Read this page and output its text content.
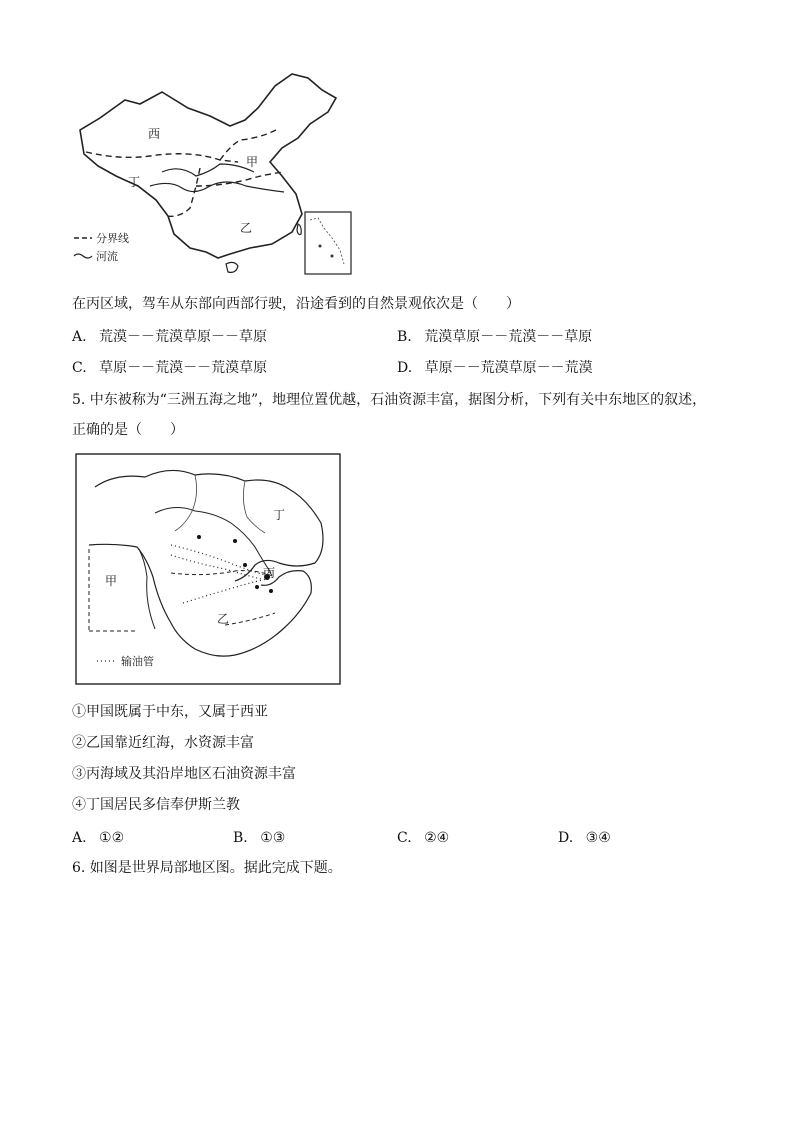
西
甲
丁
乙
分界线
河流
在丙区域，驾车从东部向西部行驶，沿途看到的自然景观依次是（　　）
A. 荒漠－－荒漠草原－－草原	B. 荒漠草原－－荒漠－－草原
C. 草原－－荒漠－－荒漠草原	D. 草原－－荒漠草原－－荒漠
5. 中东被称为“三洲五海之地”，地理位置优越，石油资源丰富，据图分析，下列有关中东地区的叙述，
正确的是（　　）
甲
乙
丙
丁
输油管
①甲国既属于中东，又属于西亚
②乙国靠近红海，水资源丰富
③丙海域及其沿岸地区石油资源丰富
④丁国居民多信奉伊斯兰教
A. ①②	B. ①③	C. ②④	D. ③④
6. 如图是世界局部地区图。据此完成下题。
